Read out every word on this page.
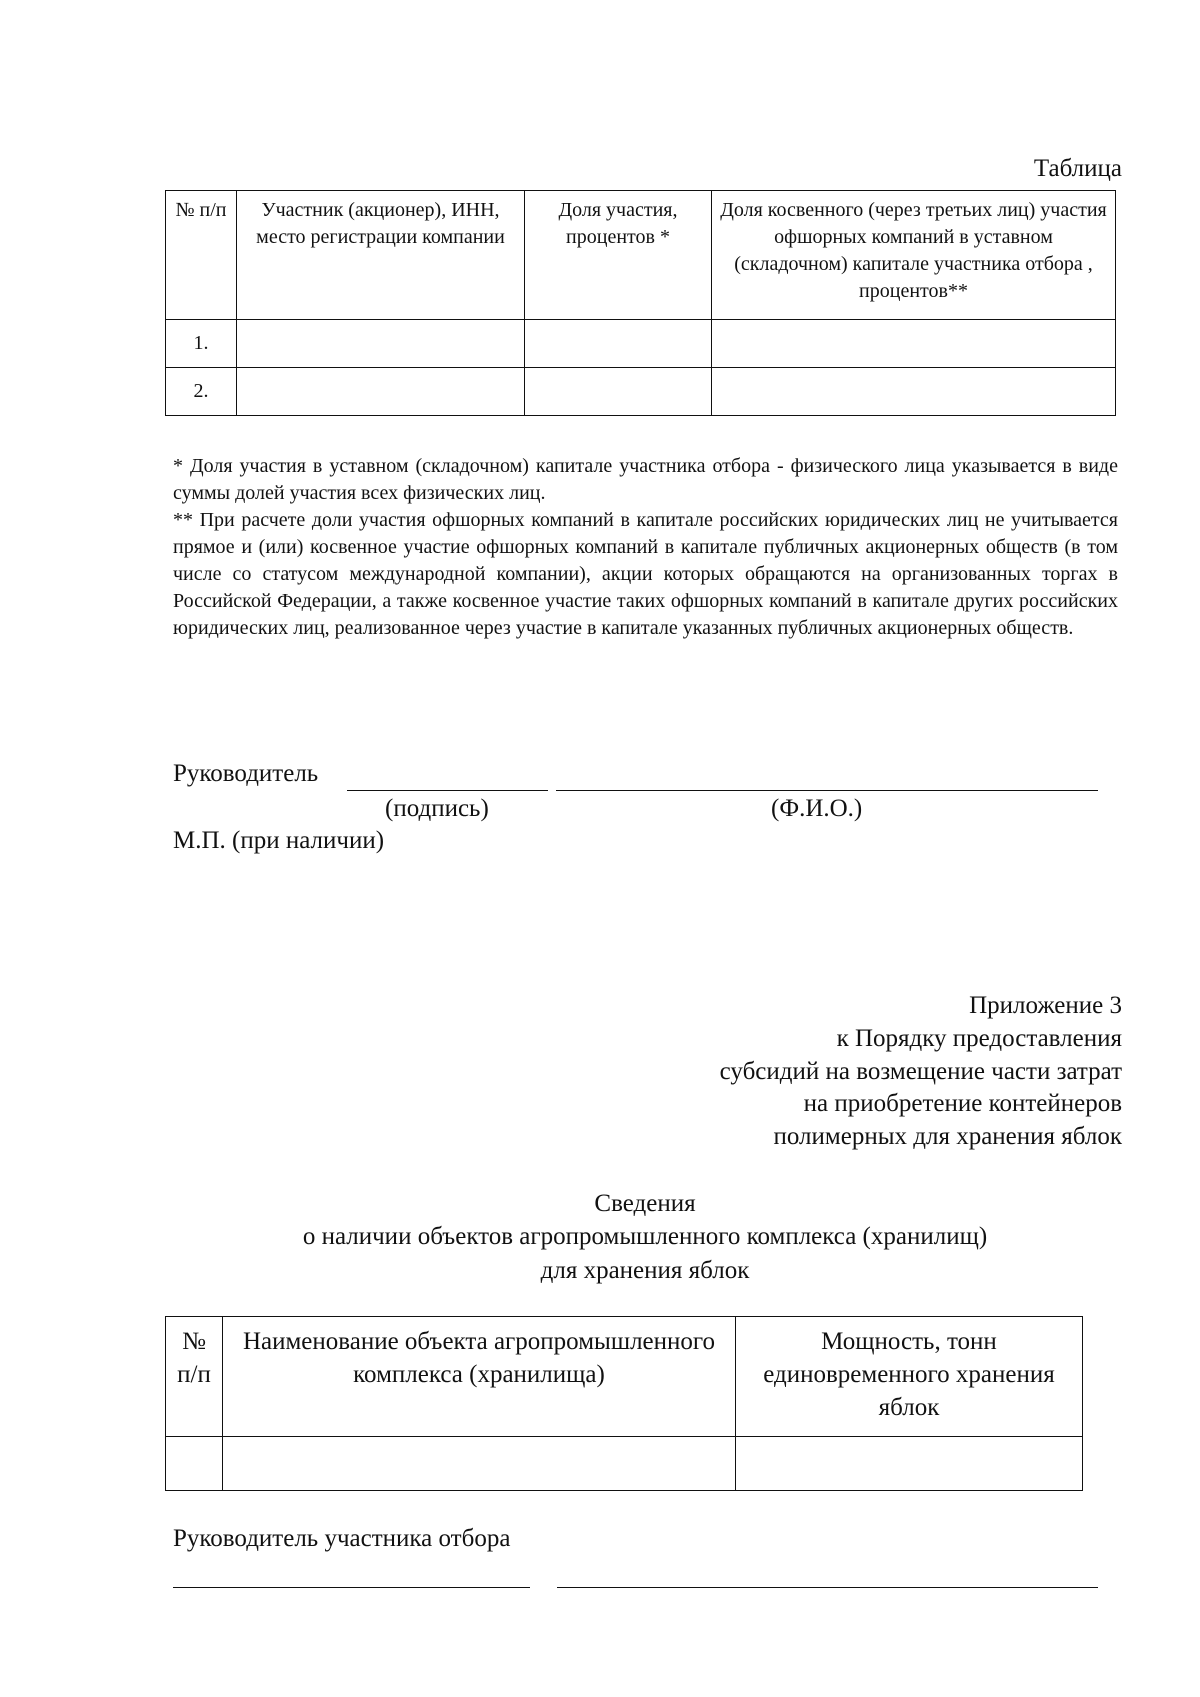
Таблица
№ п/п	Участник (акционер), ИНН, место регистрации компании	Доля участия, процентов *	Доля косвенного (через третьих лиц) участия офшорных компаний в уставном (складочном) капитале участника отбора , процентов**
1.			
2.			

* Доля участия в уставном (складочном) капитале участника отбора - физического лица указывается в виде суммы долей участия всех физических лиц.

** При расчете доли участия офшорных компаний в капитале российских юридических лиц не учитывается прямое и (или) косвенное участие офшорных компаний в капитале публичных акционерных обществ (в том числе со статусом международной компании), акции которых обращаются на организованных торгах в Российской Федерации, а также косвенное участие таких офшорных компаний в капитале других российских юридических лиц, реализованное через участие в капитале указанных публичных акционерных обществ.

Руководитель
(подпись)	(Ф.И.О.)
М.П. (при наличии)
Приложение 3
к Порядку предоставления
субсидий на возмещение части затрат
на приобретение контейнеров
полимерных для хранения яблок
Сведения
о наличии объектов агропромышленного комплекса (хранилищ)
для хранения яблок
№ п/п	Наименование объекта агропромышленного комплекса (хранилища)	Мощность, тонн единовременного хранения яблок

Руководитель участника отбора
